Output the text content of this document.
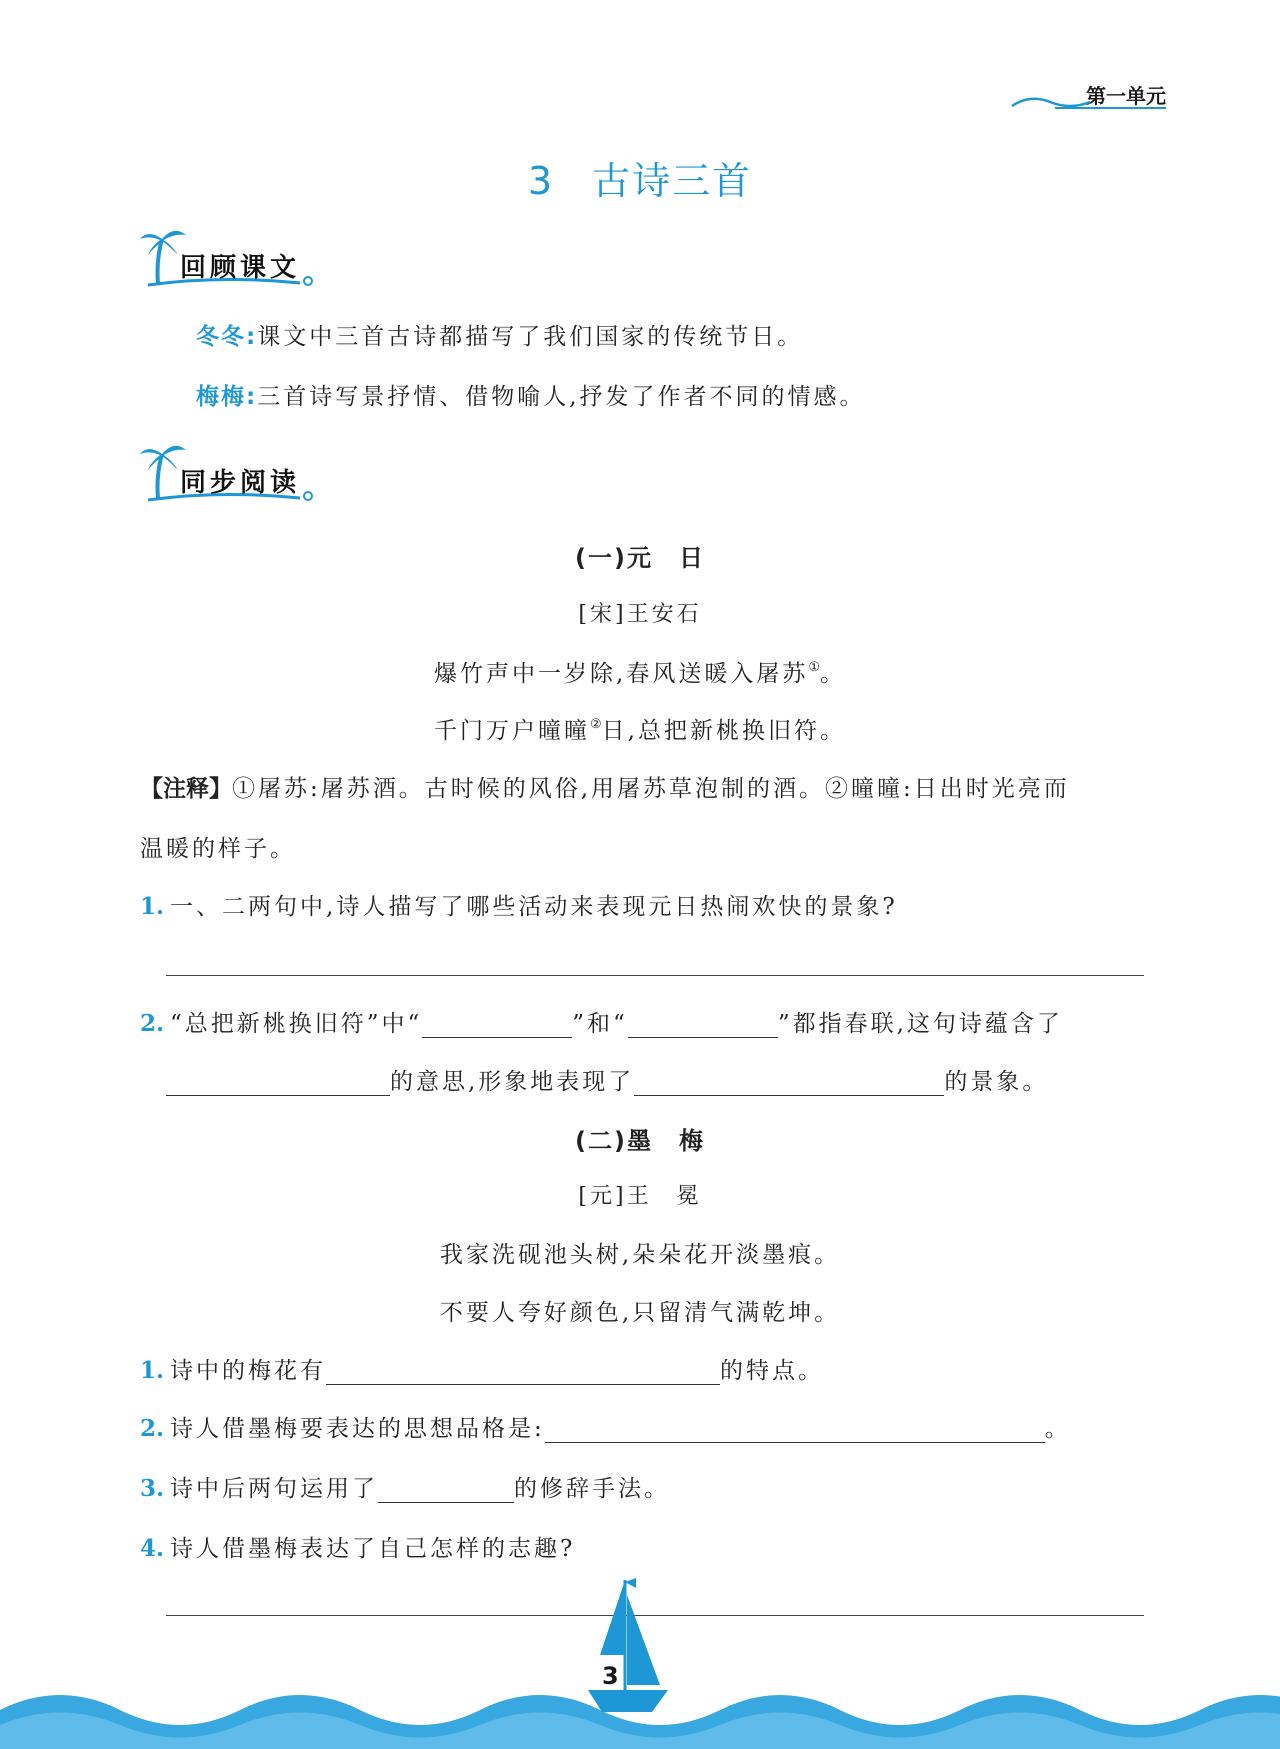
第一单元
3 古诗三首
回顾课文
冬冬:课文中三首古诗都描写了我们国家的传统节日。
梅梅:三首诗写景抒情、借物喻人,抒发了作者不同的情感。
同步阅读
(一)元　日
[宋]王安石
爆竹声中一岁除,春风送暖入屠苏①。
千门万户曈曈②日,总把新桃换旧符。
【注释】①屠苏:屠苏酒。古时候的风俗,用屠苏草泡制的酒。②曈曈:日出时光亮而
温暖的样子。
1. 一、二两句中,诗人描写了哪些活动来表现元日热闹欢快的景象?
2. “总把新桃换旧符”中“	”和“	”都指春联,这句诗蕴含了
的意思,形象地表现了	的景象。
(二)墨　梅
[元]王　冕
我家洗砚池头树,朵朵花开淡墨痕。
不要人夸好颜色,只留清气满乾坤。
1. 诗中的梅花有	的特点。
2. 诗人借墨梅要表达的思想品格是:	。
3. 诗中后两句运用了	的修辞手法。
4. 诗人借墨梅表达了自己怎样的志趣?
3
